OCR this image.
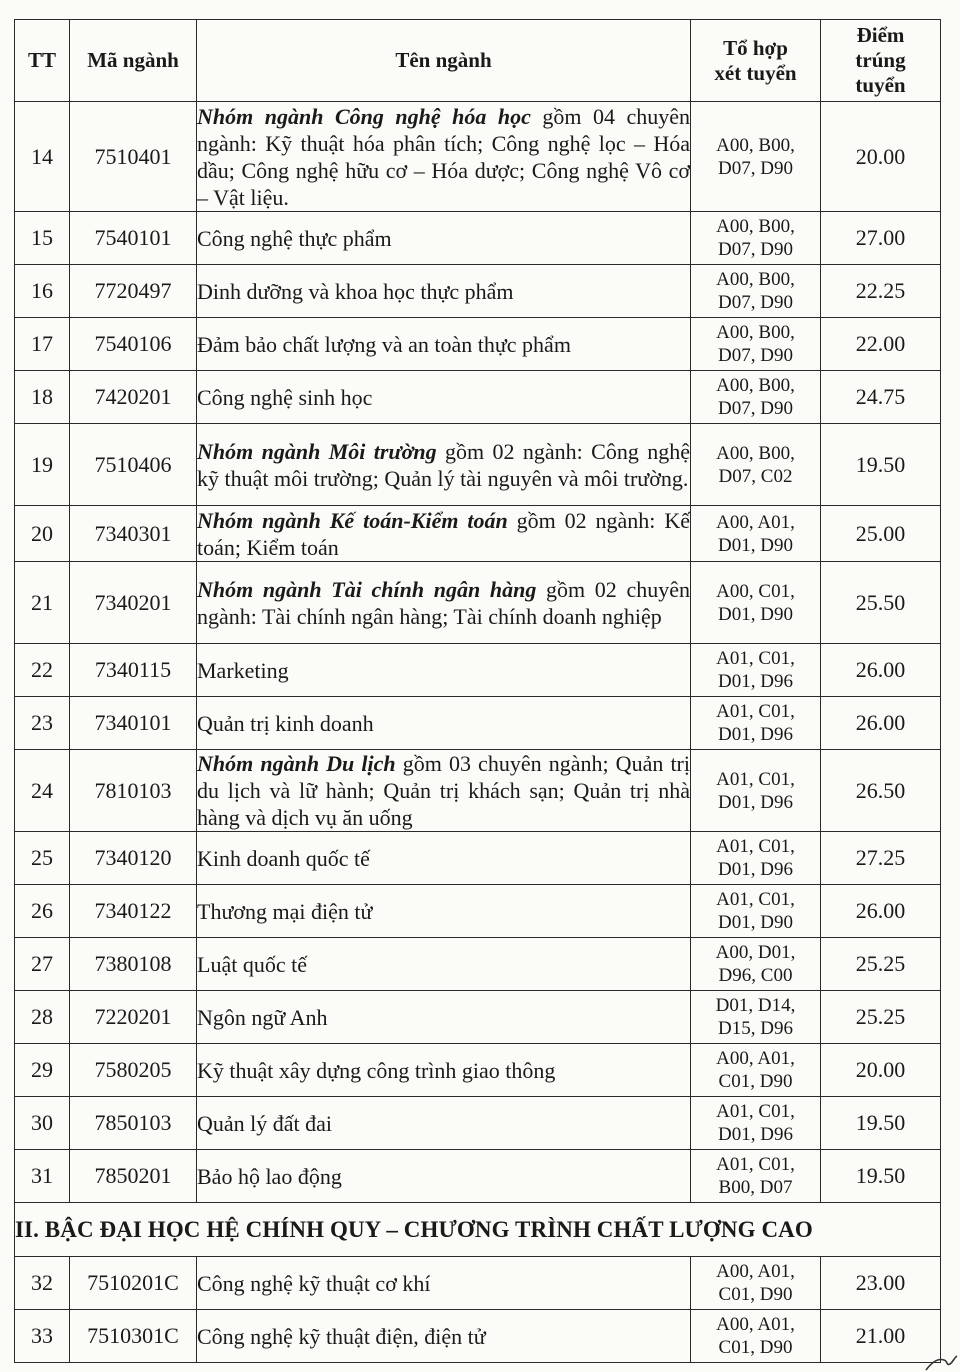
TT	Mã ngành	Tên ngành	Tổ hợp xét tuyển	Điểm trúng tuyển
14	7510401	Nhóm ngành Công nghệ hóa học gồm 04 chuyên ngành: Kỹ thuật hóa phân tích; Công nghệ lọc – Hóa dầu; Công nghệ hữu cơ – Hóa dược; Công nghệ Vô cơ – Vật liệu.	A00, B00, D07, D90	20.00
15	7540101	Công nghệ thực phẩm	A00, B00, D07, D90	27.00
16	7720497	Dinh dưỡng và khoa học thực phẩm	A00, B00, D07, D90	22.25
17	7540106	Đảm bảo chất lượng và an toàn thực phẩm	A00, B00, D07, D90	22.00
18	7420201	Công nghệ sinh học	A00, B00, D07, D90	24.75
19	7510406	Nhóm ngành Môi trường gồm 02 ngành: Công nghệ kỹ thuật môi trường; Quản lý tài nguyên và môi trường.	A00, B00, D07, C02	19.50
20	7340301	Nhóm ngành Kế toán-Kiểm toán gồm 02 ngành: Kế toán; Kiểm toán	A00, A01, D01, D90	25.00
21	7340201	Nhóm ngành Tài chính ngân hàng gồm 02 chuyên ngành: Tài chính ngân hàng; Tài chính doanh nghiệp	A00, C01, D01, D90	25.50
22	7340115	Marketing	A01, C01, D01, D96	26.00
23	7340101	Quản trị kinh doanh	A01, C01, D01, D96	26.00
24	7810103	Nhóm ngành Du lịch gồm 03 chuyên ngành; Quản trị du lịch và lữ hành; Quản trị khách sạn; Quản trị nhà hàng và dịch vụ ăn uống	A01, C01, D01, D96	26.50
25	7340120	Kinh doanh quốc tế	A01, C01, D01, D96	27.25
26	7340122	Thương mại điện tử	A01, C01, D01, D90	26.00
27	7380108	Luật quốc tế	A00, D01, D96, C00	25.25
28	7220201	Ngôn ngữ Anh	D01, D14, D15, D96	25.25
29	7580205	Kỹ thuật xây dựng công trình giao thông	A00, A01, C01, D90	20.00
30	7850103	Quản lý đất đai	A01, C01, D01, D96	19.50
31	7850201	Bảo hộ lao động	A01, C01, B00, D07	19.50
II. BẬC ĐẠI HỌC HỆ CHÍNH QUY – CHƯƠNG TRÌNH CHẤT LƯỢNG CAO				
32	7510201C	Công nghệ kỹ thuật cơ khí	A00, A01, C01, D90	23.00
33	7510301C	Công nghệ kỹ thuật điện, điện tử	A00, A01, C01, D90	21.00
